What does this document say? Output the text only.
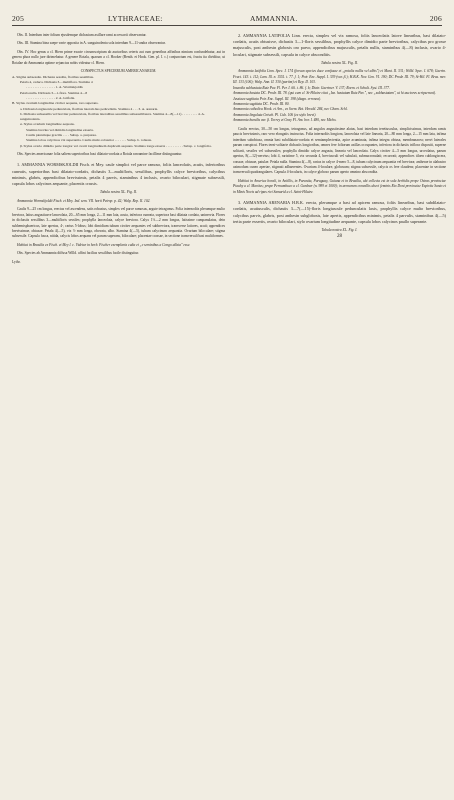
205	LYTHRACEAE:	AMMANNIA.	206

Obs. II. Interdum inter folium ejusdemque dichasium axillare rami accessorii observantur.

Obs. III. Stamina bina saepe varie opposita in A. sanguinolenta sola interdum 9—11-andra observantur.

Obs. IV. Hoc genus a cl. Hiern prime exacte circumscriptum ab auctoribus ceteris aut cum generibus affinibus nimium confundebatur, aut in genera plura nullo jure dirimebatur. A genere Rotala, quacum a cl. Hooker (Benth. et Hook. Gen. pl. I. c.) conjunctum est, fructu ita dividitur, ut Rotalae ab Ammannia optime sejunctus nobis videatur cl. Hiern.

CONSPECTUS SPECIERUM AMERICANARUM.

A. Stigma subsessile. Dichasia sessilia, floribus sessilibus.
Petala 4, caduca. Dichasia 3—multiflora. Stamina 4
. . . . . . . . . . . . . . . . . 1. A. Wormskjoldii.
Petala nulla. Dichasia 3—1-flora. Stamina 4—8
. . . . . . . . . . . . . . . . . 2. A. latifolia.
B. Stylus ovarium longitudine circiter aequans, raro superans.
a. Dichasia longiuscule pedunculata, floribus laterali-bus pedicellatis. Stamina 4 . . . 3. A. arenaria.
b. Dichasia subsessilia vel breviter pedunculata, floribus lateralibus sessilibus subsessilibusve. Stamina 4—8(—11) . . . . . . . . . 4. A. sanguinolenta.
α. Stylus ovarium longitudine aequans.
Stamina brevius vel dimidia longitudine exserta.
Caulis plerumque gracilis . . . . Subsp. a. purpurea.
Stamina lobos calycinos vix superantia. Caulis multo robustior . . . . . . . Subsp. b. robusta.
β. Stylus ovario dimidio parte longior vel ovarii longitudinem duplicem aequans. Stamina longe exserta . . . . . . . . . . Subsp. c. longifolia.

Obs. Species americanae folia saltem superioribus basi dilatato-cordata a Rotala raroamine facillime distinguuntur.

1. AMMANNIA WORMSKJOLDII Fisch. et Mey. caule simplici vel parce ramoso, foliis lanceolatis, acutis, inferioribus cuneatis, superioribus basi dilatato-cordatis, dichasiis 3—multifloris, sessilibus, prophyllis calyce brevioribus, calycibus minimis, glabris, appendicibus brevissimis, petalis 4 parvis, staminibus 4 inclusis, ovario biloculari, stigmate subsessili, capsula lobos calycinos aequante, placentis crassis.

Tabula nostra XL. Fig. II.

Ammannia Wormskjoldii Fisch. et Mey. Ind. sem. VII. horti Petrop. p. 42; Walp. Rep. II. 102.

Caulis 9—25 cm longus, erectus vel ascendens, satis robustus, simplex vel parce ramosus, argute tetragonus. Folia internodiis plerumque multo breviora, latius angustiusve lanceolata, 20—65 mm longa, 2—11 mm lata, acuta, inferiora cuneata, superiora basi dilatata cordata, uninervia. Flores in dichasiis sessilibus 3—multifloris sessiles; prophylla lanceolata, calyce breviora. Calyx 1½—2 mm longus, latissime campanulatus, dein subhemisphaericus, late apertus, 4-, rarius 5-lobus; lobi dimidium tubum circiter aequantes vel subbreviora, transverse latiores, acuti; appendices brevissimae, obtusae. Petala 4(—5), vix ½ mm longa, obovata, albo. Stamina 4(—5), tubum calycinum aequantia. Ovarium biloculare; stigma subsessile. Capsula fusca, nitida, calycis lobos aequans vel parum superans, biloculare; placentae crassae, in sectione transversali basi multiformes.

Habitat in Brasilia ex Fisch. et Mey l. c. Videtur in herb. Fischer exemplaria culta et „e seminibus a Congo allata" esse.

Obs. Species ab Ammannia diffusa Willd. affini facilius sessilibus facile distinguitur.

Lythr.

2. AMMANNIA LATIFOLIA Linn. erecta, simplex vel vix ramosa, foliis lanceolatis latove linearibus, basi dilatato-cordatis, acutis obtusisve, dichasiis 3—1-floris sessilibus, prophyllis calyce dimidio parte brevioribus, calycibus pro grosse majusculis, post anthesin globosis oro parvo, appendicibus majusculis, petalis nullis, staminibus 4(—8) inclusis, ovario 4-loculari, stigmate subsessili, capsula in calyce absconditis.

Tabula nostra XL. Fig. II.

Ammannia latifolia Linn. Spec. I. 174 (forsan species duce confusae et „potalis nullis vel albis") et Mant. II. 331; Willd. Spec. I. 678; Gaertn. Fruct. 143. t. 112; Lam. Ill. n. 1551. t. 77. f. 1; Poir. Enc. Suppl. I. 339 (var. β.); H.B.K. Nov. Gen. VI. 190; DC Prodr. III. 79; St-Hil. Fl. Bras. mer. III. 133 (106); Walp. Ann. II. 330 (partim) et Rep. II. 103.
Insardia subhastata Ruiz Pav. Fl. Per. I. 66. t. 86. f. b; Diatr. Gaertner. V. 137; Roem. et Schult. Syst. III. 377.
Ammannia hastata DC. Prodr. III. 78. (qui cum cl. St-Hilaire citat „Isn. hastatam Ruiz Pav.", nec „subhastatam", ut hi auctores scripserunt).
Jussiaea sagittata Poir. Enc. Suppl. III. 198 (diagn. erronea).
Ammannia sagittata DC. Prodr. III. 80.
Ammannia catholica Hook. et Arn., ex Seem. Bot. Herald. 284, nec Cham. Schl.
Ammannia lingulata Griseb. Pl. Cub. 106 (ex stylo brevi).
Ammannia humilis var. β. Torrey et Gray Fl. Am. bor. I. 480, nec Michx.

Caulis erectus, 30—50 cm longus, tetragonus, ad angulos angustissime alatus, basi interdum teretiusculus, simplicissimus, interdum ramis paucis brevissimis, raro vero elongatis instructus. Folia internodiis longiora, lanceolata vel late linearia, 20—80 mm longa, 2—15 mm lata, infima interdum subobtusa, omnia basi subdilatato-cordata et semiamplectentia, apice acuminata, infima integra obtusa, membranacea; nervi laterales parum conspicui. Flores terni-solitarie dichasiis longioribus, omnes fere foliorum axillas occupantes, inferiora in dichasiis triflora dispositi, superne solitarii, sessiles vel subsessiles; prophylla dimidio calyce angusta, linearia vel lanceolata. Calyx circiter 4—5 mm longus, urceolatus, parum apertus, 8(—12)-nervius; lobi 4, raristime 5, vix secunda 4, breviusculi vel subulati, submucronulati; recurvati; appendices tiloen cublongiscera, crassae, obtusae, patulae. Petala nulla. Stamina 4(—8), rarius in calyce 4-mero 5—8, tubum calycinum aequantia vel breviora; antherae in alabastro aximodum cuneo apertae, stigmati adhaerentes. Ovarium 4-loculare, globosum; stigma subsessile, calycis os fere claudens; placentae in sectione transversali quadrangulares. Capsula 4-locularis, in calyce globoso parum aperto omnino abscondita.

Habitat in America borali, in Antillis, in Paraniia, Paraguay, Guiana et in Brasilia, ubi collecta est in sola herbidis prope Ostras provinciae Piauhy a cl. Martius; prope Pernambuco a cl. Gardner (n. 989 et 1000); in arenarum convallis ubeci feminis Rio Doni provinciae Espiritu Santo et in Minis Novis ad ripas rivi Samarid a cl. Saint-Hilaire.

3. AMMANNIA ARENARIA H.B.K. erecta, plerumque a basi ad apicem ramosa, foliis linearibus, basi subdilatato-cordatis, acutiusculis, dichasiis 3—7(—15)-floris longiuscule pedunculatis laxis, prophyllis calyce multo brevioribus, calycibus parvis, glabris, post anthesin subglobosis, late apertis, appendicibus minimis, petalis 4 parvulis, staminibus 4(—5) tertia parte exsertis, ovario biloculari, stylo ovarium longitudine aequante, capsula lobos calycinos paullo superante.

Tabula nostra XL. Fig. I.

28
